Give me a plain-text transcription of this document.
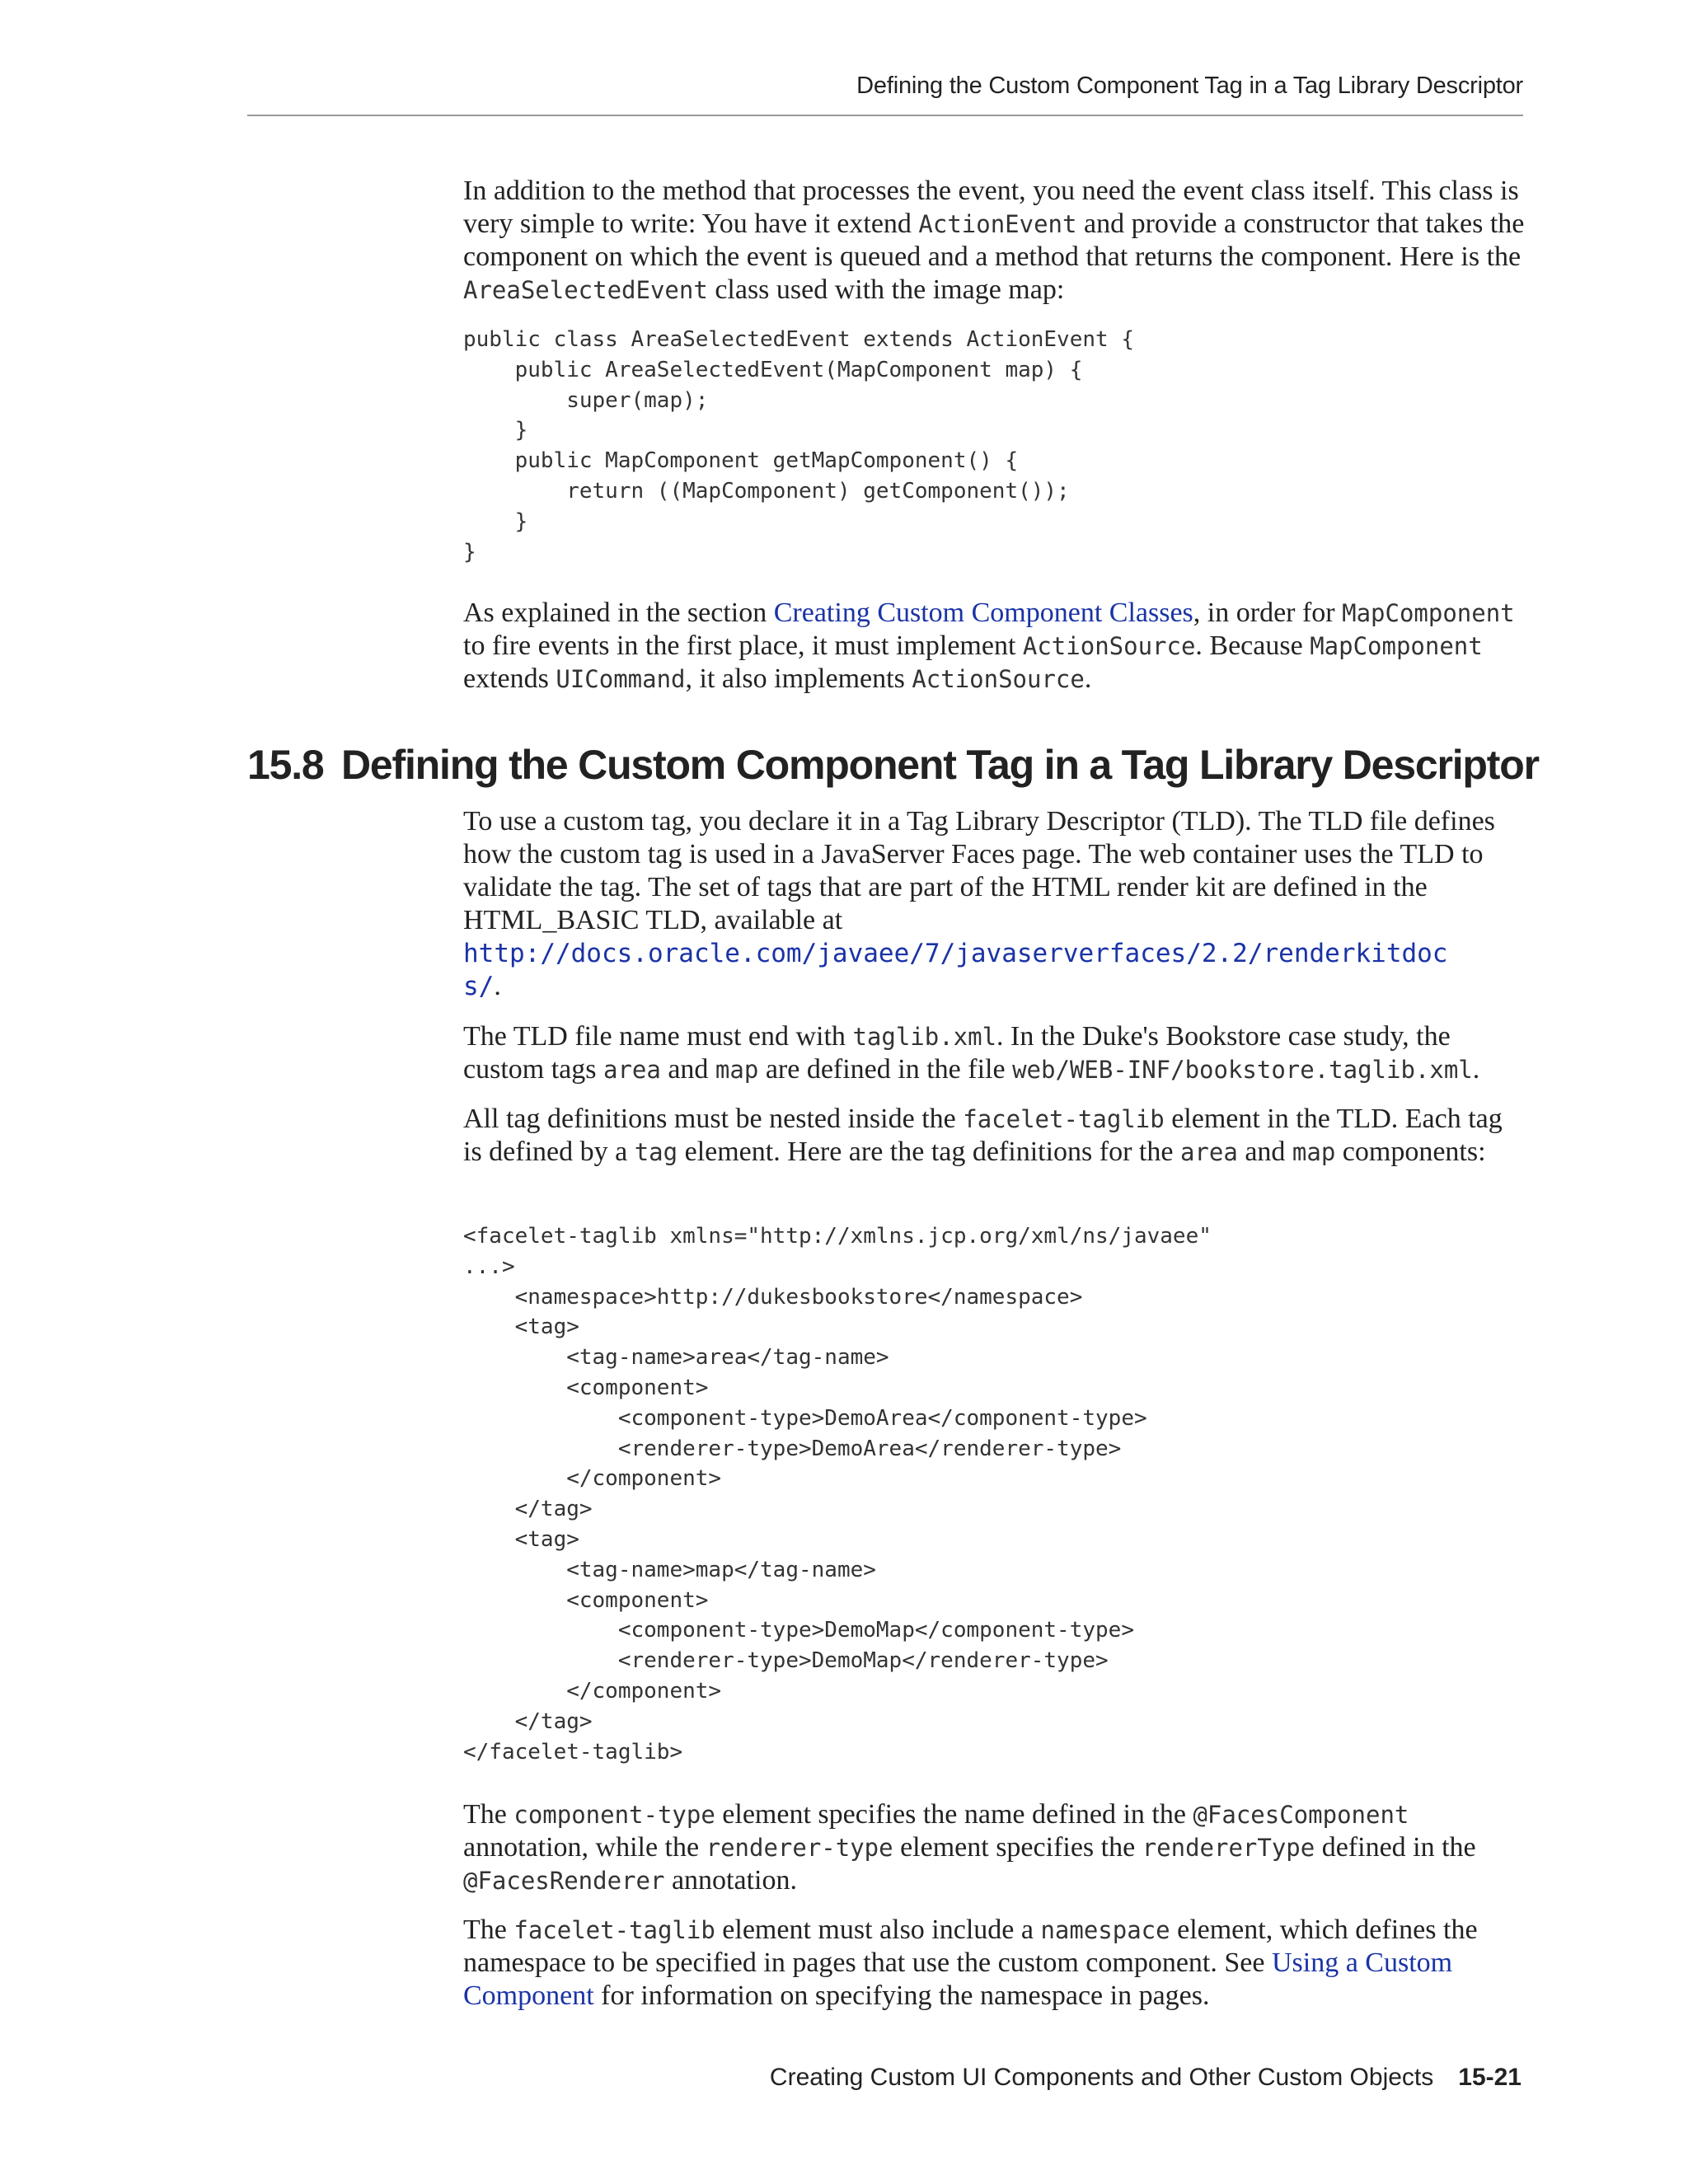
Defining the Custom Component Tag in a Tag Library Descriptor

In addition to the method that processes the event, you need the event class itself. This class is very simple to write: You have it extend ActionEvent and provide a constructor that takes the component on which the event is queued and a method that returns the component. Here is the AreaSelectedEvent class used with the image map:

public class AreaSelectedEvent extends ActionEvent {
public AreaSelectedEvent(MapComponent map) {
super(map);
}
public MapComponent getMapComponent() {
return ((MapComponent) getComponent());
}
}

As explained in the section Creating Custom Component Classes, in order for MapComponent to fire events in the first place, it must implement ActionSource. Because MapComponent extends UICommand, it also implements ActionSource.

15.8 Defining the Custom Component Tag in a Tag Library Descriptor

To use a custom tag, you declare it in a Tag Library Descriptor (TLD). The TLD file defines how the custom tag is used in a JavaServer Faces page. The web container uses the TLD to validate the tag. The set of tags that are part of the HTML render kit are defined in the HTML_BASIC TLD, available at
http://docs.oracle.com/javaee/7/javaserverfaces/2.2/renderkitdoc
s/.

The TLD file name must end with taglib.xml. In the Duke's Bookstore case study, the custom tags area and map are defined in the file web/WEB-INF/bookstore.taglib.xml.

All tag definitions must be nested inside the facelet-taglib element in the TLD. Each tag is defined by a tag element. Here are the tag definitions for the area and map components:

<facelet-taglib xmlns="http://xmlns.jcp.org/xml/ns/javaee"
...>
<namespace>http://dukesbookstore</namespace>
<tag>
<tag-name>area</tag-name>
<component>
<component-type>DemoArea</component-type>
<renderer-type>DemoArea</renderer-type>
</component>
</tag>
<tag>
<tag-name>map</tag-name>
<component>
<component-type>DemoMap</component-type>
<renderer-type>DemoMap</renderer-type>
</component>
</tag>
</facelet-taglib>

The component-type element specifies the name defined in the @FacesComponent annotation, while the renderer-type element specifies the rendererType defined in the @FacesRenderer annotation.

The facelet-taglib element must also include a namespace element, which defines the namespace to be specified in pages that use the custom component. See Using a Custom Component for information on specifying the namespace in pages.

Creating Custom UI Components and Other Custom Objects 15-21
